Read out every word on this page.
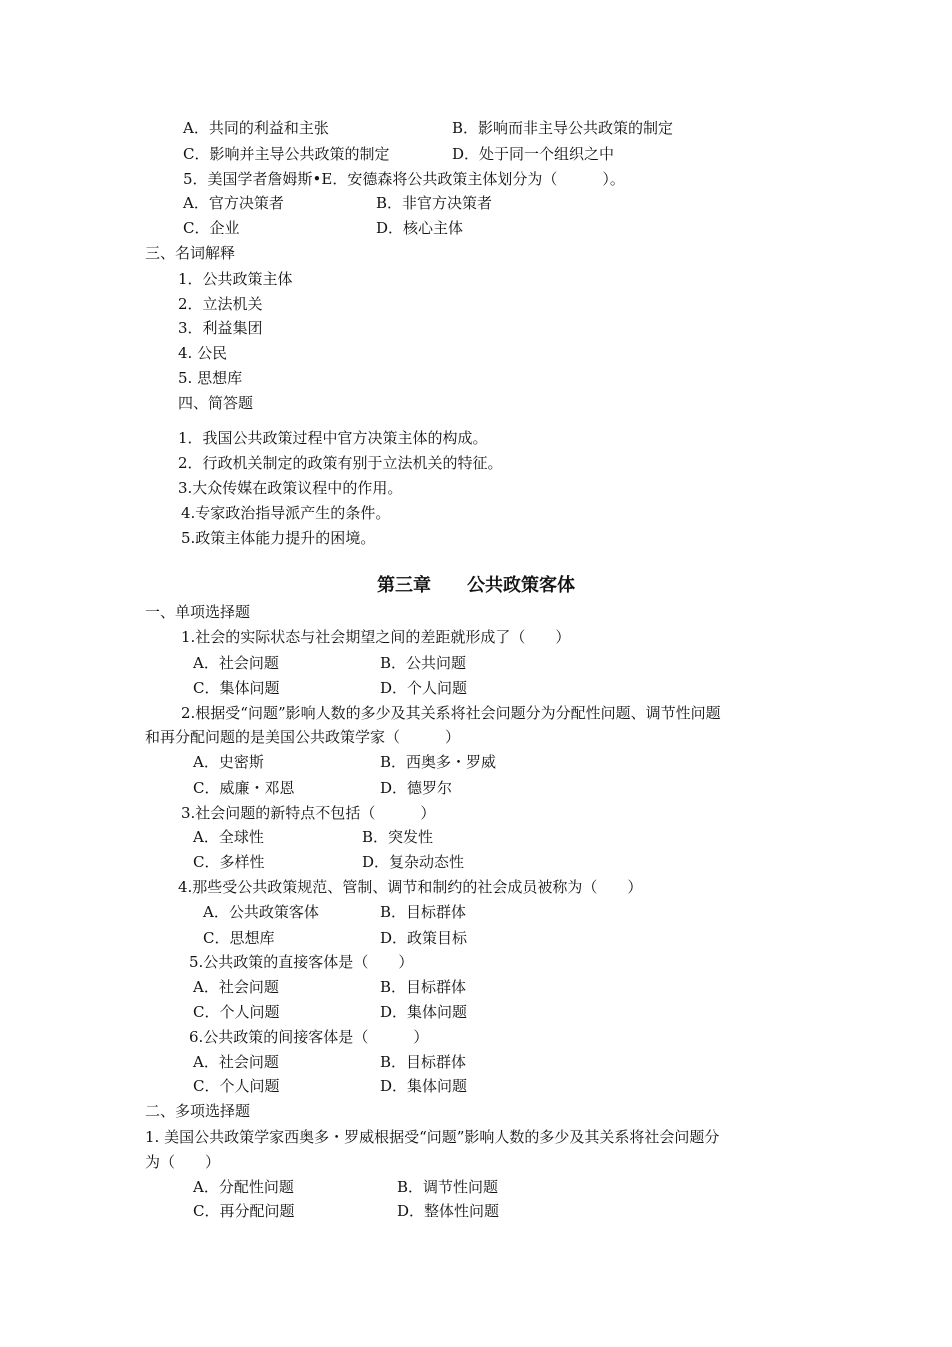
A．共同的利益和主张	B．影响而非主导公共政策的制定
C．影响并主导公共政策的制定	D．处于同一个组织之中
5．美国学者詹姆斯•E．安德森将公共政策主体划分为（　　　）。
A．官方决策者	B．非官方决策者
C．企业	D．核心主体
三、名词解释
1．公共政策主体
2．立法机关
3．利益集团
4. 公民
5. 思想库
四、简答题
1．我国公共政策过程中官方决策主体的构成。
2．行政机关制定的政策有别于立法机关的特征。
3.大众传媒在政策议程中的作用。
4.专家政治指导派产生的条件。
5.政策主体能力提升的困境。
第三章　　公共政策客体
一、单项选择题
1.社会的实际状态与社会期望之间的差距就形成了（　　）
A．社会问题	B．公共问题
C．集体问题	D．个人问题
2.根据受“问题”影响人数的多少及其关系将社会问题分为分配性问题、调节性问题
和再分配问题的是美国公共政策学家（　　　）
A．史密斯	B．西奥多・罗威
C．威廉・邓恩	D．德罗尔
3.社会问题的新特点不包括（　　　）
A．全球性	B．突发性
C．多样性	D．复杂动态性
4.那些受公共政策规范、管制、调节和制约的社会成员被称为（　　）
A．公共政策客体	B．目标群体
C．思想库	D．政策目标
5.公共政策的直接客体是（　　）
A．社会问题	B．目标群体
C．个人问题	D．集体问题
6.公共政策的间接客体是（　　　）
A．社会问题	B．目标群体
C．个人问题	D．集体问题
二、多项选择题
1. 美国公共政策学家西奥多・罗威根据受“问题”影响人数的多少及其关系将社会问题分
为（　　）
A．分配性问题	B．调节性问题
C．再分配问题	D．整体性问题
